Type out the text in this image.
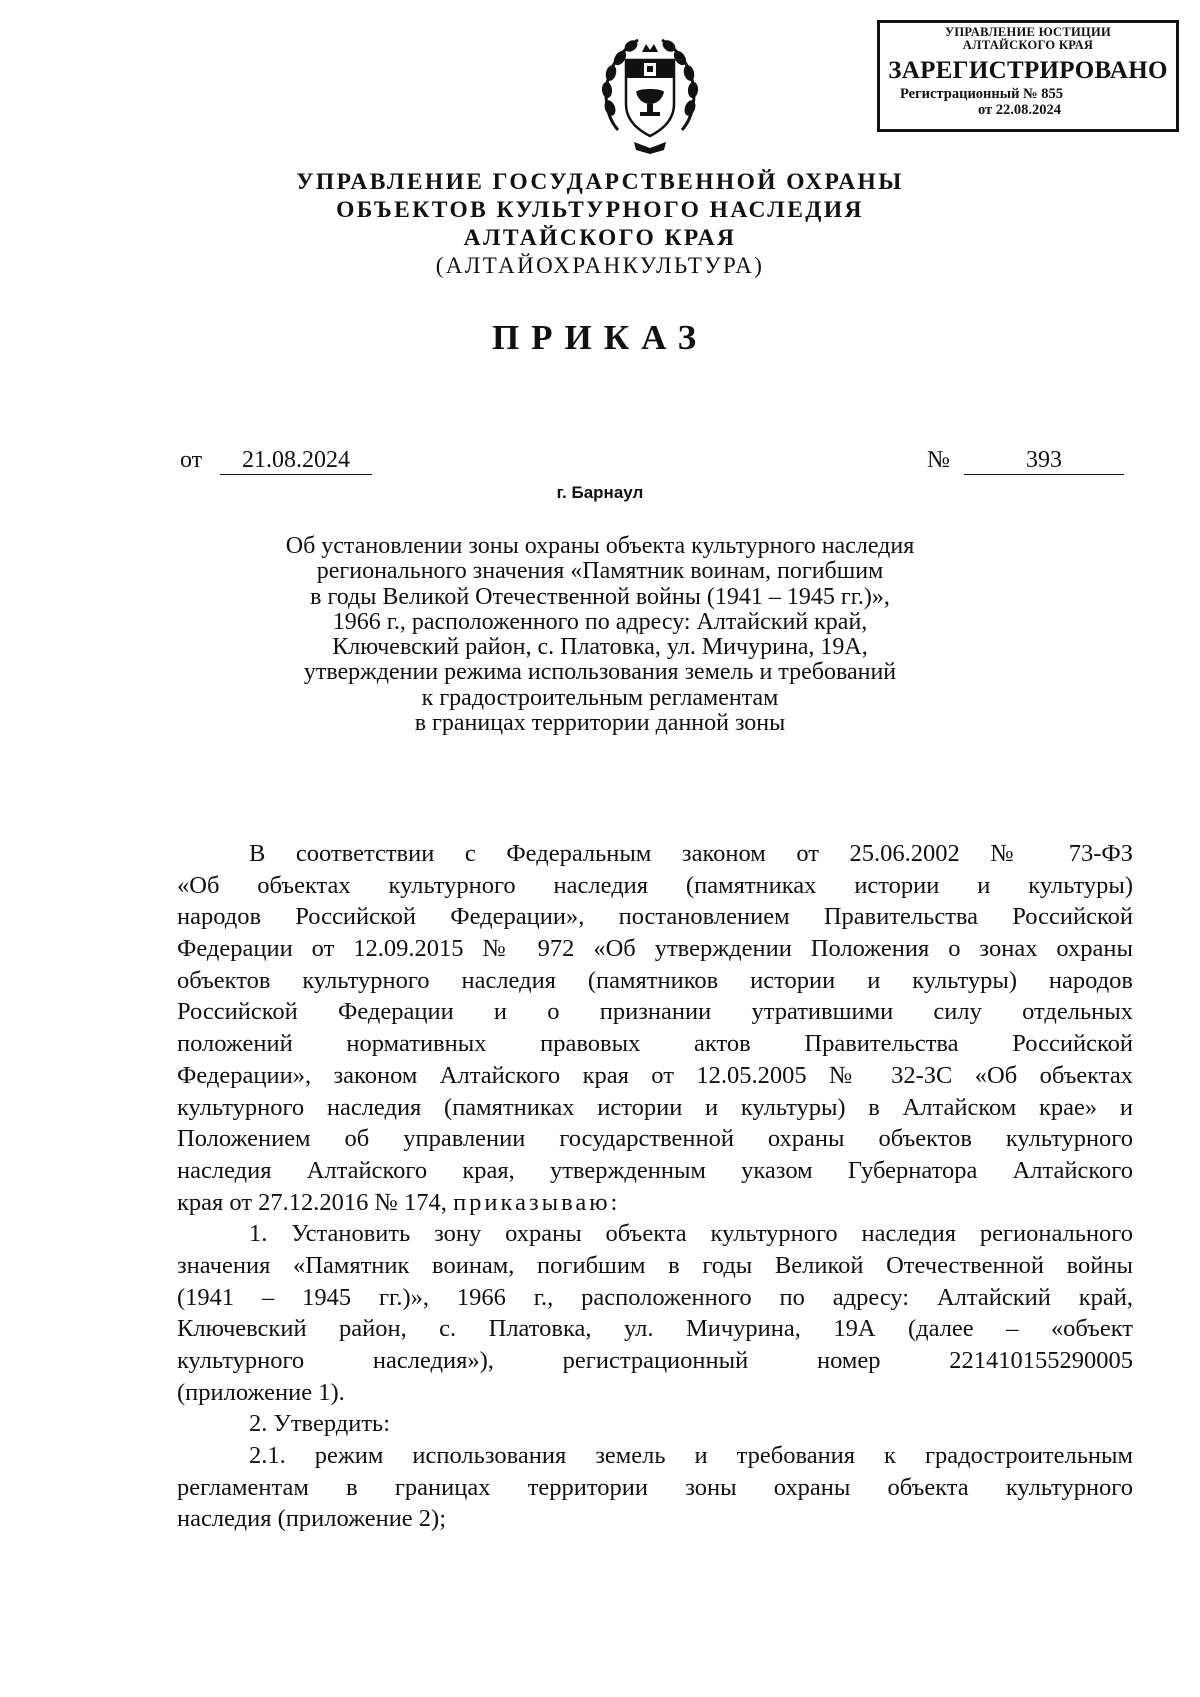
УПРАВЛЕНИЕ ЮСТИЦИИ
АЛТАЙСКОГО КРАЯ
ЗАРЕГИСТРИРОВАНО
Регистрационный № 855
от 22.08.2024
УПРАВЛЕНИЕ ГОСУДАРСТВЕННОЙ ОХРАНЫ
ОБЪЕКТОВ КУЛЬТУРНОГО НАСЛЕДИЯ
АЛТАЙСКОГО КРАЯ
(АЛТАЙОХРАНКУЛЬТУРА)
ПРИКАЗ
от	21.08.2024	№	393
г. Барнаул
Об установлении зоны охраны объекта культурного наследия
регионального значения «Памятник воинам, погибшим
в годы Великой Отечественной войны (1941 – 1945 гг.)»,
1966 г., расположенного по адресу: Алтайский край,
Ключевский район, с. Платовка, ул. Мичурина, 19А,
утверждении режима использования земель и требований
к градостроительным регламентам
в границах территории данной зоны
В соответствии с Федеральным законом от 25.06.2002 № 73-ФЗ
«Об объектах культурного наследия (памятниках истории и культуры)
народов Российской Федерации», постановлением Правительства Российской
Федерации от 12.09.2015 № 972 «Об утверждении Положения о зонах охраны
объектов культурного наследия (памятников истории и культуры) народов
Российской Федерации и о признании утратившими силу отдельных
положений нормативных правовых актов Правительства Российской
Федерации», законом Алтайского края от 12.05.2005 № 32-ЗС «Об объектах
культурного наследия (памятниках истории и культуры) в Алтайском крае» и
Положением об управлении государственной охраны объектов культурного
наследия Алтайского края, утвержденным указом Губернатора Алтайского
края от 27.12.2016 № 174, приказываю:
1. Установить зону охраны объекта культурного наследия регионального
значения «Памятник воинам, погибшим в годы Великой Отечественной войны
(1941 – 1945 гг.)», 1966 г., расположенного по адресу: Алтайский край,
Ключевский район, с. Платовка, ул. Мичурина, 19А (далее – «объект
культурного наследия»), регистрационный номер 221410155290005
(приложение 1).
2. Утвердить:
2.1. режим использования земель и требования к градостроительным
регламентам в границах территории зоны охраны объекта культурного
наследия (приложение 2);
